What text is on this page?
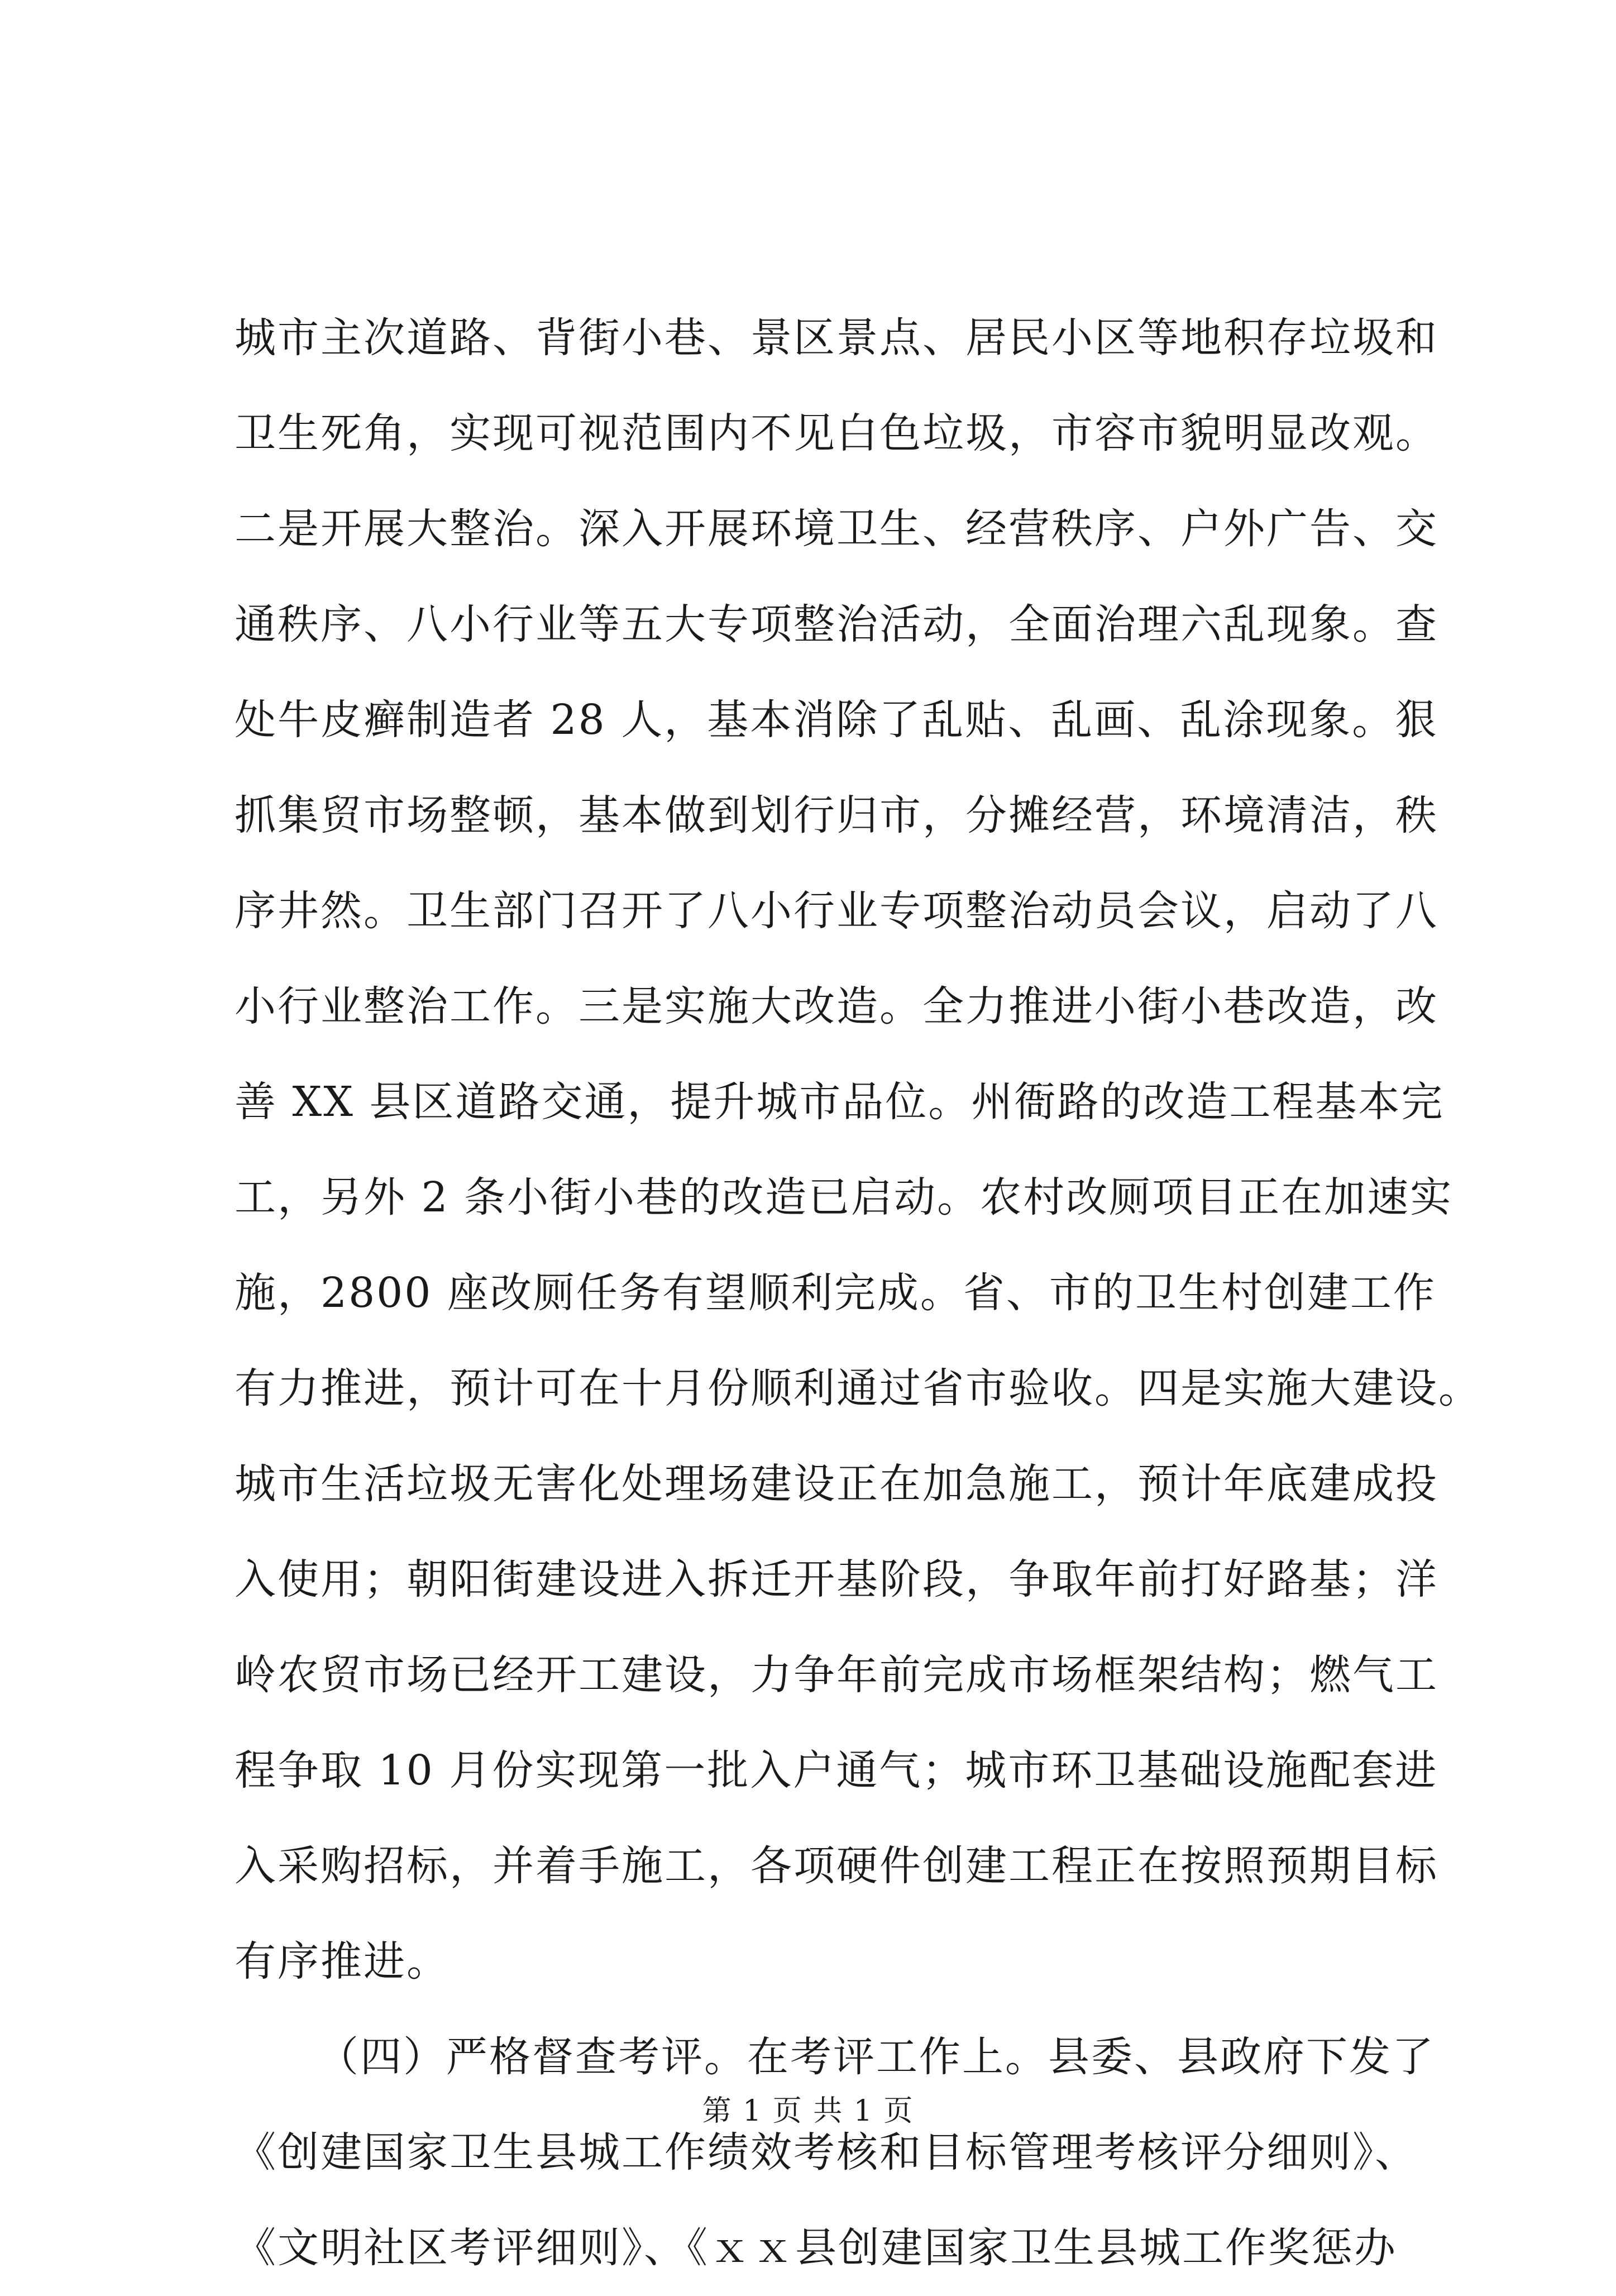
城市主次道路、背街小巷、景区景点、居民小区等地积存垃圾和
卫生死角，实现可视范围内不见白色垃圾，市容市貌明显改观。
二是开展大整治。深入开展环境卫生、经营秩序、户外广告、交
通秩序、八小行业等五大专项整治活动，全面治理六乱现象。查
处牛皮癣制造者 28 人，基本消除了乱贴、乱画、乱涂现象。狠
抓集贸市场整顿，基本做到划行归市，分摊经营，环境清洁，秩
序井然。卫生部门召开了八小行业专项整治动员会议，启动了八
小行业整治工作。三是实施大改造。全力推进小街小巷改造，改
善 XX 县区道路交通，提升城市品位。州衙路的改造工程基本完
工，另外 2 条小街小巷的改造已启动。农村改厕项目正在加速实
施，2800 座改厕任务有望顺利完成。省、市的卫生村创建工作
有力推进，预计可在十月份顺利通过省市验收。四是实施大建设。
城市生活垃圾无害化处理场建设正在加急施工，预计年底建成投
入使用；朝阳街建设进入拆迁开基阶段，争取年前打好路基；洋
岭农贸市场已经开工建设，力争年前完成市场框架结构；燃气工
程争取 10 月份实现第一批入户通气；城市环卫基础设施配套进
入采购招标，并着手施工，各项硬件创建工程正在按照预期目标
有序推进。
（四）严格督查考评。在考评工作上。县委、县政府下发了
《创建国家卫生县城工作绩效考核和目标管理考核评分细则》、
《文明社区考评细则》、《ｘｘ县创建国家卫生县城工作奖惩办
第 1 页 共 1 页
